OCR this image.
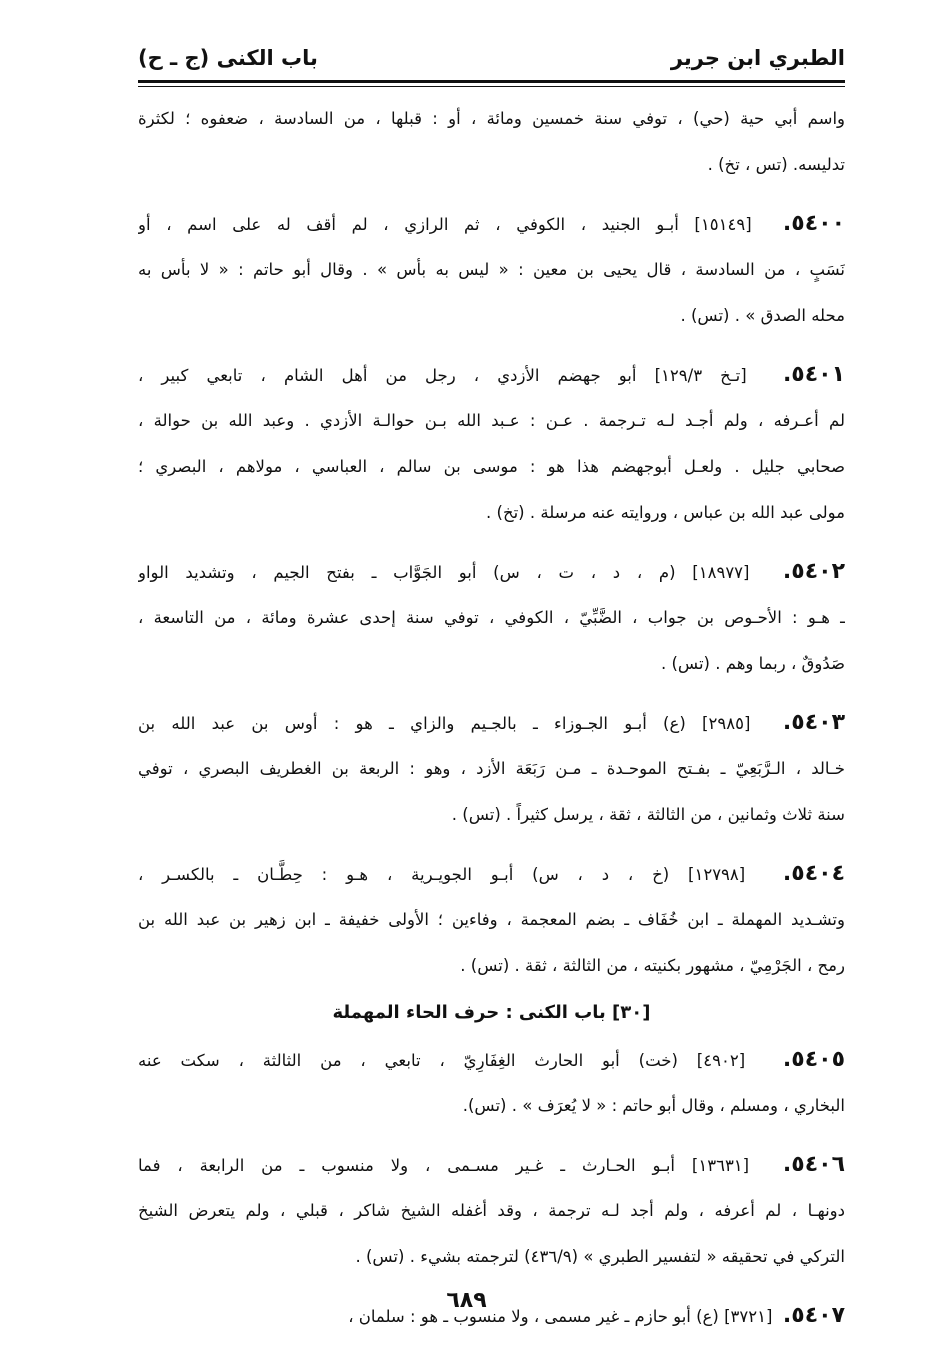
الطبري ابن جرير
باب الكنى (ج ـ ح)
واسم أبي حية (حي) ، توفي سنة خمسين ومائة ، أو : قبلها ، من السادسة ، ضعفوه ؛ لكثرة
تدليسه. (تس ، تخ) .
٥٤٠٠.  [١٥١٤٩] أبـو الجنيد ، الكوفي ، ثم الرازي ، لم أقف له على اسم ، أو
نَسَبٍ ، من السادسة ، قال يحيى بن معين : « ليس به بأس » . وقال أبو حاتم : « لا بأس به
محله الصدق » . (تس) .
٥٤٠١.  [تـخ ١٢٩/٣] أبو جهضم الأزدي ، رجل من أهل الشام ، تابعي كبير ،
لم أعـرفه ، ولم أجـد لـه تـرجمة . عـن : عـبد الله بـن حوالـة الأزدي . وعبد الله بن حوالة ،
صحابي جليل . ولعـل أبوجهضم هذا هو : موسى بن سالم ، العباسي ، مولاهم ، البصري ؛
مولى عبد الله بن عباس ، وروايته عنه مرسلة . (تخ) .
٥٤٠٢.  [١٨٩٧٧] (م ، د ، ت ، س) أبو الجَوَّاب ـ بفتح الجيم ، وتشديد الواو
ـ هـو : الأحـوص بن جواب ، الضَّبِّيّ ، الكوفي ، توفي سنة إحدى عشرة ومائة ، من التاسعة ،
صَدُوقٌ ، ربما وهم . (تس) .
٥٤٠٣.  [٢٩٨٥] (ع) أبـو الجـوزاء ـ بالجـيم والزاي ـ هو : أوس بن عبد الله بن
خـالد ، الـرَّبَعِيّ ـ بفـتح الموحـدة ـ مـن رَبَعَة الأزد ، وهو : الربعة بن الغطريف البصري ، توفي
سنة ثلاث وثمانين ، من الثالثة ، ثقة ، يرسل كثيراً . (تس) .
٥٤٠٤.  [١٢٧٩٨] (خ ، د ، س) أبـو الجويـرية ، هـو : حِطَّـان ـ بالكسـر ،
وتشـديد المهملة ـ ابن خُفَاف ـ بضم المعجمة ، وفاءين ؛ الأولى خفيفة ـ ابن زهير بن عبد الله بن
رمح ، الجَرْمِيّ ، مشهور بكنيته ، من الثالثة ، ثقة . (تس) .
[٣٠] باب الكنى : حرف الحاء المهملة
٥٤٠٥.  [٤٩٠٢] (خت) أبو الحارث الغِفَارِيّ ، تابعي ، من الثالثة ، سكت عنه
البخاري ، ومسلم ، وقال أبو حاتم : « لا يُعرَف » . (تس).
٥٤٠٦.  [١٣٦٣١] أبـو الحـارث ـ غـير مسـمى ، ولا منسوب ـ من الرابعة ، فما
دونهـا ، لم أعرفه ، ولم أجد لـه ترجمة ، وقد أغفله الشيخ شاكر ، قبلي ، ولم يتعرض الشيخ
التركي في تحقيقه « لتفسير الطبري » (٤٣٦/٩) لترجمته بشيء . (تس) .
٥٤٠٧.  [٣٧٢١] (ع) أبو حازم ـ غير مسمى ، ولا منسوب ـ هو : سلمان ،
٦٨٩
